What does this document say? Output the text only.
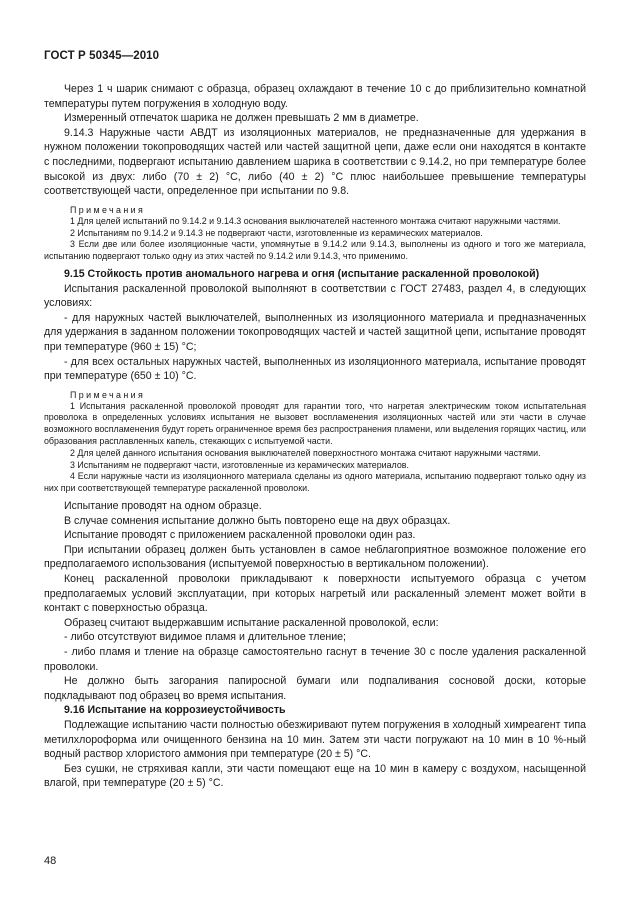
ГОСТ Р 50345—2010

Через 1 ч шарик снимают с образца, образец охлаждают в течение 10 с до приблизительно комнатной температуры путем погружения в холодную воду.

Измеренный отпечаток шарика не должен превышать 2 мм в диаметре.

9.14.3 Наружные части АВДТ из изоляционных материалов, не предназначенные для удержания в нужном положении токопроводящих частей или частей защитной цепи, даже если они находятся в контакте с последними, подвергают испытанию давлением шарика в соответствии с 9.14.2, но при температуре более высокой из двух: либо (70 ± 2) °С, либо (40 ± 2) °С плюс наибольшее превышение температуры соответствующей части, определенное при испытании по 9.8.

Примечания

1 Для целей испытаний по 9.14.2 и 9.14.3 основания выключателей настенного монтажа считают наружными частями.

2 Испытаниям по 9.14.2 и 9.14.3 не подвергают части, изготовленные из керамических материалов.

3 Если две или более изоляционные части, упомянутые в 9.14.2 или 9.14.3, выполнены из одного и того же материала, испытанию подвергают только одну из этих частей по 9.14.2 или 9.14.3, что применимо.

9.15 Стойкость против аномального нагрева и огня (испытание раскаленной проволокой)

Испытания раскаленной проволокой выполняют в соответствии с ГОСТ 27483, раздел 4, в следующих условиях:

- для наружных частей выключателей, выполненных из изоляционного материала и предназначенных для удержания в заданном положении токопроводящих частей и частей защитной цепи, испытание проводят при температуре (960 ± 15) °С;

- для всех остальных наружных частей, выполненных из изоляционного материала, испытание проводят при температуре (650 ± 10) °С.

Примечания

1 Испытания раскаленной проволокой проводят для гарантии того, что нагретая электрическим током испытательная проволока в определенных условиях испытания не вызовет воспламенения изоляционных частей или эти части в случае возможного воспламенения будут гореть ограниченное время без распространения пламени, или выделения горящих частиц, или образования расплавленных капель, стекающих с испытуемой части.

2 Для целей данного испытания основания выключателей поверхностного монтажа считают наружными частями.

3 Испытаниям не подвергают части, изготовленные из керамических материалов.

4 Если наружные части из изоляционного материала сделаны из одного материала, испытанию подвергают только одну из них при соответствующей температуре раскаленной проволоки.

Испытание проводят на одном образце.

В случае сомнения испытание должно быть повторено еще на двух образцах.

Испытание проводят с приложением раскаленной проволоки один раз.

При испытании образец должен быть установлен в самое неблагоприятное возможное положение его предполагаемого использования (испытуемой поверхностью в вертикальном положении).

Конец раскаленной проволоки прикладывают к поверхности испытуемого образца с учетом предполагаемых условий эксплуатации, при которых нагретый или раскаленный элемент может войти в контакт с поверхностью образца.

Образец считают выдержавшим испытание раскаленной проволокой, если:

- либо отсутствуют видимое пламя и длительное тление;

- либо пламя и тление на образце самостоятельно гаснут в течение 30 с после удаления раскаленной проволоки.

Не должно быть загорания папиросной бумаги или подпаливания сосновой доски, которые подкладывают под образец во время испытания.

9.16 Испытание на коррозиеустойчивость

Подлежащие испытанию части полностью обезжиривают путем погружения в холодный химреагент типа метилхлороформа или очищенного бензина на 10 мин. Затем эти части погружают на 10 мин в 10 %-ный водный раствор хлористого аммония при температуре (20 ± 5) °С.

Без сушки, не стряхивая капли, эти части помещают еще на 10 мин в камеру с воздухом, насыщенной влагой, при температуре (20 ± 5) °С.

48
